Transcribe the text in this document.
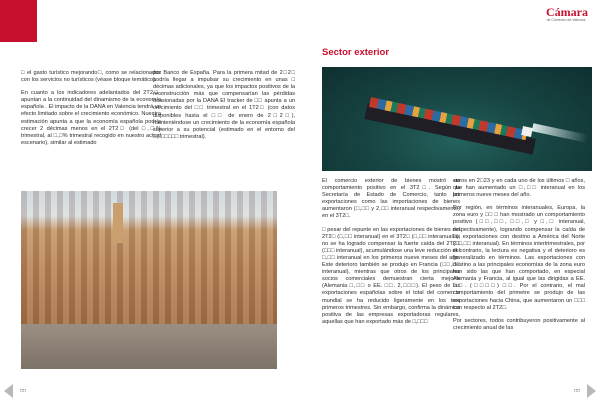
Cámara
de Comercio de Valencia

□ el gasto turístico mejorando□, como se relacionados con los servicios no turísticos (véase bloque temático).

En cuanto a los indicadores adelantados del 2T2□, apuntan a la continuidad del dinamismo de la economía española . El impacto de la DANA en Valencia tendrá un efecto limitado sobre el crecimiento económico. Nuestra estimación apunta a que la economía española podría crecer 2 décimas menos en el 2T2□ (del □,□% trimestral, al □,□% trimestral recogido en nuestro actual escenario), similar al estimado

por Banco de España. Para la primera mitad de 2□2□ podría llegar a impulsar su crecimiento en unas □ décimas adicionales, ya que los impactos positivos de la reconstrucción más que compensarían las pérdidas ocasionadas por la DANA El tracker de □□ apunta a un crecimiento del □□ trimestral en el 1T2□ (con datos disponibles hasta el □□ de enero de 2□2□), manteniéndose un crecimiento de la economía española superior a su potencial (estimado en el entorno del □,□□□□□□ trimestral).

Sector exterior

El comercio exterior de bienes mostró un comportamiento positivo en el 3T2□. Según la Secretaría de Estado de Comercio, tanto las exportaciones como las importaciones de bienes aumentaron (□,□□ y 2,□□ interanual respectivamente) en el 3T2□.

□ pesar del repunte en las exportaciones de bienes del 2T2□ (□,□□ interanual) en el 3T2□ (□,□□ interanual□), no se ha logrado compensar la fuerte caída del 2T2□ (□□□ interanual), acumulándose una leve reducción del □,□□ interanual en los primeros nueve meses del año. Este deterioro también se produjo en Francia (□□,□□ interanual), mientras que otros de los principales socios comerciales demuestran cierta mejoría (Alemania □,□□ o EE. □□. 2,□□□). El peso de las exportaciones españolas sobre el total del comercio mundial se ha reducido ligeramente en los tres primeros trimestres. Sin embargo, confirma la dinámica positiva de las empresas exportadoras regulares, aquellas que han exportado más de □,□□□

euros en 2□23 y en cada uno de los últimos □ años, que han aumentado un □,□□ interanual en los primeros nueve meses del año.

Por región, en términos interanuales, Europa, la zona euro y □□ □ han mostrado un comportamiento positivo (□□,□□, □□,□ y □,□ interanual, respectivamente), logrando compensar la caída de las exportaciones con destino a América del Norte (□□,□□ interanual). En términos intertrimestrales, por el contrario, la lectura es negativa y el deterioro es generalizado en términos. Las exportaciones con destino a las principales economías de la zona euro han sido las que han comportado, en especial Alemania y Francia, al igual que las dirigidas a EE. □□. (□□□□) □□. Por el contrario, el mal comportamiento del primetre se produjo de las exportaciones hacia China, que aumentaron un □□□ con respecto al 2T2□.

Por sectores, todos contribuyeron positivamente al crecimiento anual de las

□□	□□
